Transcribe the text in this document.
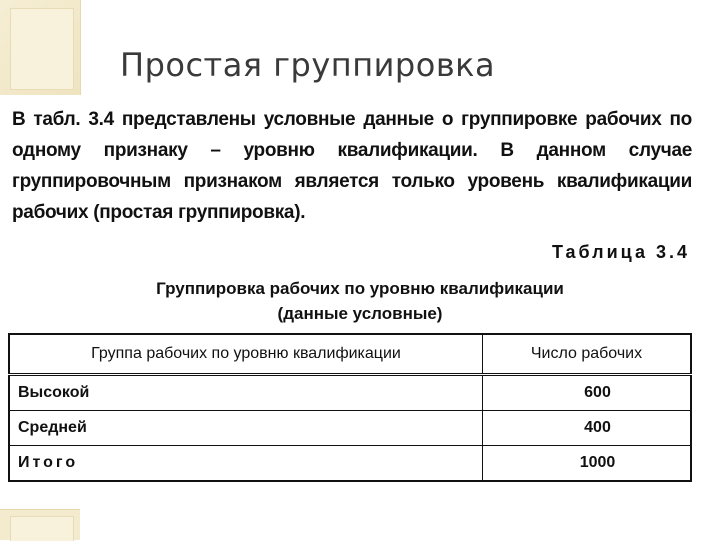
Простая группировка
В табл. 3.4 представлены условные данные о группировке рабочих по одному признаку – уровню квалификации. В данном случае группировочным признаком является только уровень квалификации рабочих (простая группировка).
Таблица 3.4
Группировка рабочих по уровню квалификации
(данные условные)
Группа рабочих по уровню квалификации	Число рабочих
Высокой	600
Средней	400
Итого	1000
